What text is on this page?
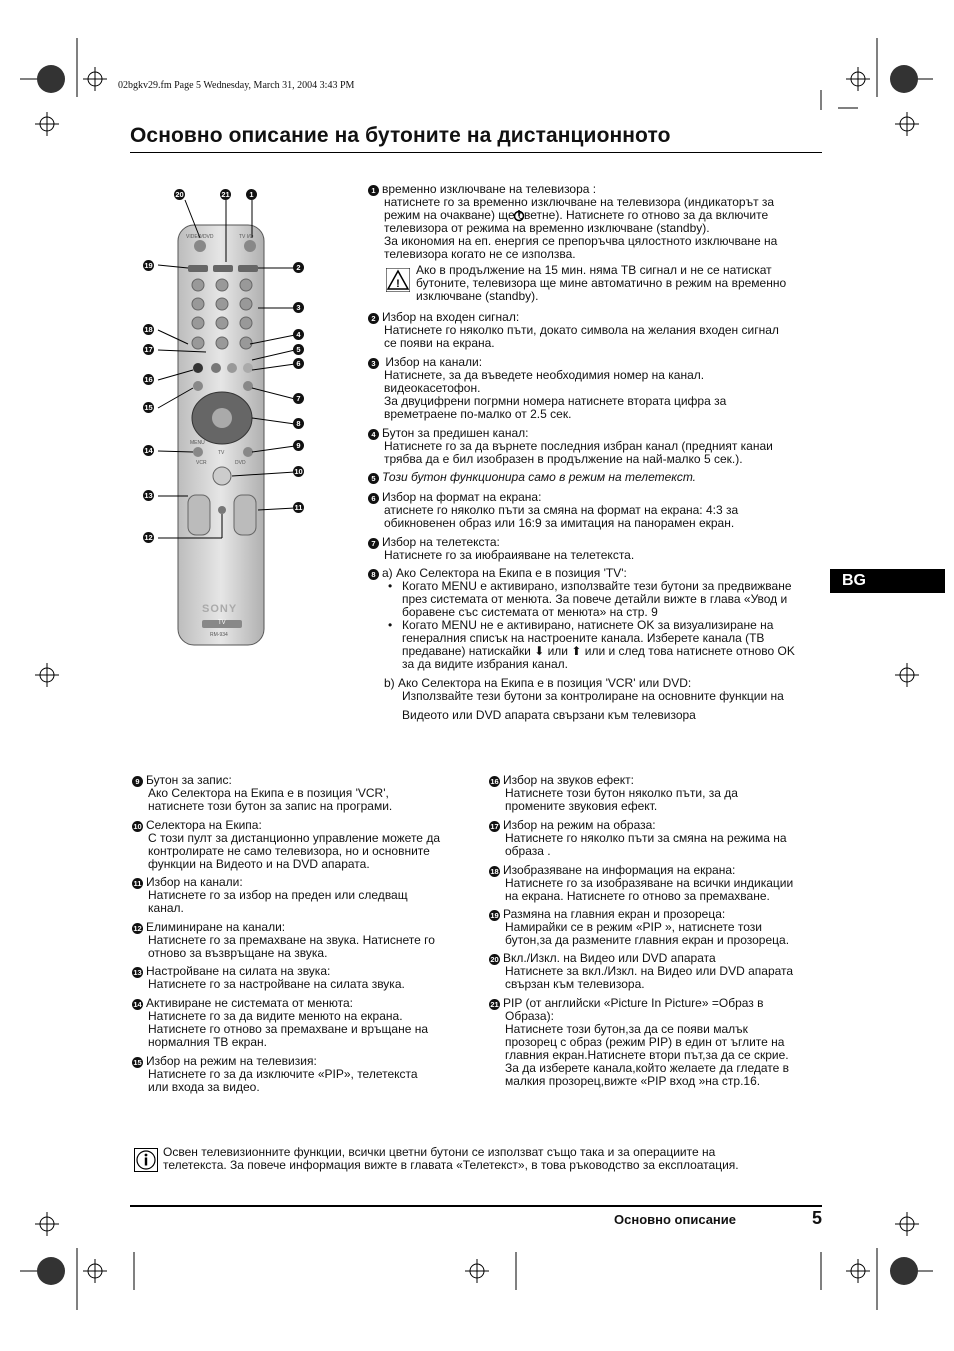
02bgkv29.fm Page 5 Wednesday, March 31, 2004 3:43 PM
Основно описание на бутоните на дистанционното
BG
20	21	1
19	2
3
18
4
17	5
6
16
7
15
8
14
9
10
13
11
12
VIDEO/DVD	TV I/O
MENU
VCR
TV
DVD
SONY
TV
RM-934
1 временно изключване на телевизора :
натиснете го за временно изключване на телевизора (индикаторът за
режим на очакване) ще светне). Натиснете го отново за да включите
телевизора от режима на временно изключване (standby).
За икономия на еп. енергия се препоръчва цялостното изключване на
телевизора когато не се използва.
!
Ако в продължение на 15 мин. няма ТВ сигнал и не се натискат
бутоните, телевизора ще мине автоматично в режим на временно
изключване (standby).
2 Избор на входен сигнал:
Натиснете го няколко пъти, докато символа на желания входен сигнал
се появи на екрана.
3 Избор на канали:
Натиснете, за да въведете необходимия номер на канал.
видеокасетофон.
За двуцифрени погрмни номера натиснете втората цифра за
времетраене по-малко от 2.5 сек.
4 Бутон за предишен канал:
Натиснете го за да върнете последния избран канал (предният канаи
трябва да е бил изобразен в продължение на най-малко 5 сек.).
5 Този бутон функционира само в режим на телетекст.
6 Избор на формат на екрана:
атиснете го няколко пъти за смяна на формат на екрана: 4:3 за
обикновенен образ или 16:9 за имитация на панорамен екран.
7 Избор на телетекста:
Натиснете го за июбраияване на телетекста.
8 a) Ако Селектора на Екипа е в позиция 'TV':
• Когато MENU е активирано, използвайте тези бутони за предвижване
през системата от менюта. За повече детайли вижте в глава «Увод и
боравене със системата от менюта» на стр. 9
• Когато MENU не е активирано, натиснете OK за визуализиране на
генералния списък на настроените канала. Изберете канала (ТВ
предаване) натискайки ⬇ или ⬆ или и след това натиснете отново OK
за да видите избрания канал.
b) Ако Селектора на Екипа е в позиция 'VCR' или DVD:
Използвайте тези бутони за контролиране на основните функции на
Видеото или DVD апарата свързани към телевизора
9 Бутон за запис:
Ако Селектора на Екипа е в позиция 'VCR',
натиснете този бутон за запис на програми.
10 Селектора на Екипа:
С този пулт за дистанционно управление можете да
контролирате не само телевизора, но и основните
функции на Видеото и на DVD апарата.
11 Избор на канали:
Натиснете го за избор на преден или следващ
канал.
12 Елиминиране на канали:
Натиснете го за премахване на звука. Натиснете го
отново за възвръщане на звука.
13 Настройване на силата на звука:
Натиснете го за настройване на силата звука.
14 Активиране не системата от менюта:
Натиснете го за да видите менюто на екрана.
Натиснете го отново за премахване и връщане на
нормалния ТВ екран.
15 Избор на режим на телевизия:
Натиснете го за да изключите «PIP», телетекста
или входа за видео.
16 Избор на звуков ефект:
Натиснете този бутон няколко пъти, за да
промените звуковия ефект.
17 Избор на режим на образа:
Натиснете го няколко пъти за смяна на режима на
образа .
18 Изобразяване на информация на екрана:
Натиснете го за изобразяване на всички индикации
на екрана. Натиснете го отново за премахване.
19 Размяна на главния екран и прозореца:
Намирайки се в режим «PIP », натиснете този
бутон,за да размените главния екран и прозореца.
20 Вкл./Изкл. на Видео или DVD апарата
Натиснете за вкл./Изкл. на Видео или DVD апарата
свързан към телевизора.
21 PIP (от английски «Picture In Picture» =Образ в
Образа):
Натиснете този бутон,за да се появи малък
прозорец с образ (режим PIP) в един от ъглите на
главния екран.Натиснете втори път,за да се скрие.
За да изберете канала,който желаете да гледате в
малкия прозорец,вижте «PIP вход »на стр.16.
Освен телевизионните функции, всички цветни бутони се използват също така и за операциите на
телетекста. За повече информация вижте в главата «Телетекст», в това ръководство за експлоатация.
Основно описание	5
